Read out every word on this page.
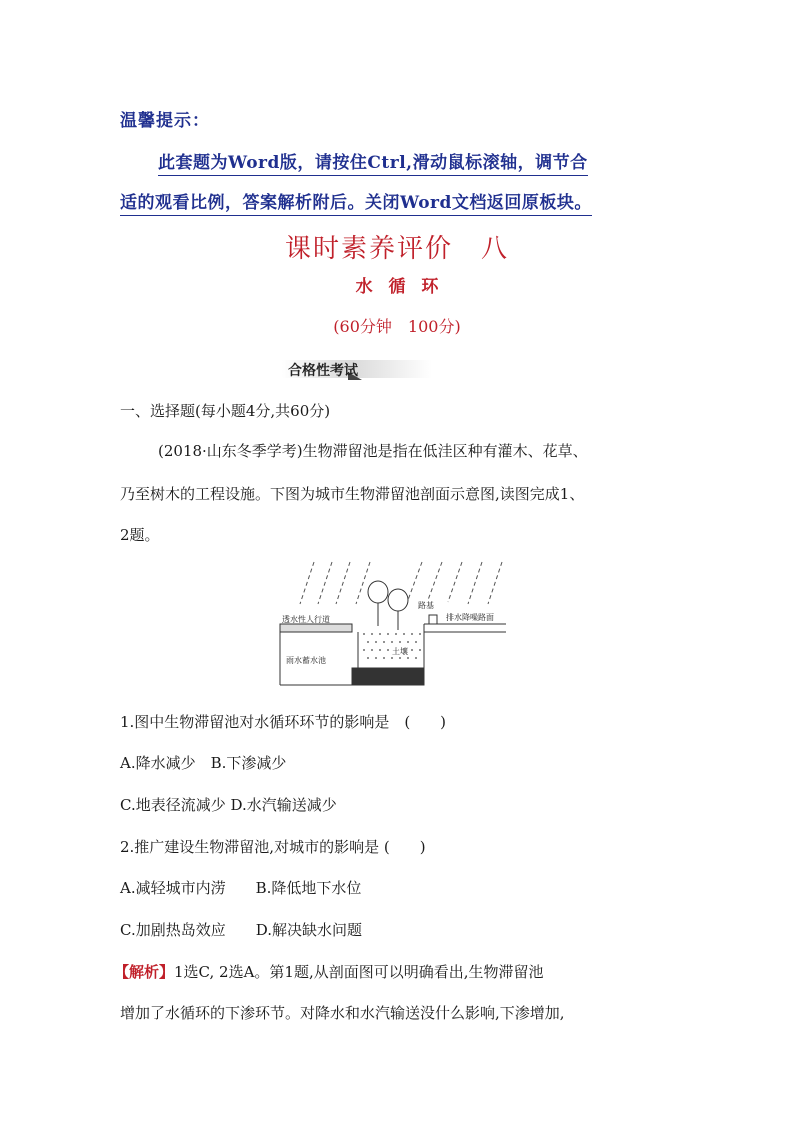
温馨提示：
此套题为Word版，请按住Ctrl,滑动鼠标滚轴，调节合
适的观看比例，答案解析附后。关闭Word文档返回原板块。
课时素养评价　八
水 循 环
(60分钟　100分)
合格性考试
一、选择题(每小题4分,共60分)
(2018·山东冬季学考)生物滞留池是指在低洼区种有灌木、花草、
乃至树木的工程设施。下图为城市生物滞留池剖面示意图,读图完成1、
2题。
透水性人行道
路基
排水降噪路面
土壤
雨水蓄水池
1.图中生物滞留池对水循环环节的影响是　(　　)
A.降水减少　B.下渗减少
C.地表径流减少 D.水汽输送减少
2.推广建设生物滞留池,对城市的影响是 (　　)
A.减轻城市内涝　　B.降低地下水位
C.加剧热岛效应　　D.解决缺水问题
【解析】1选C, 2选A。第1题,从剖面图可以明确看出,生物滞留池
增加了水循环的下渗环节。对降水和水汽输送没什么影响,下渗增加,
